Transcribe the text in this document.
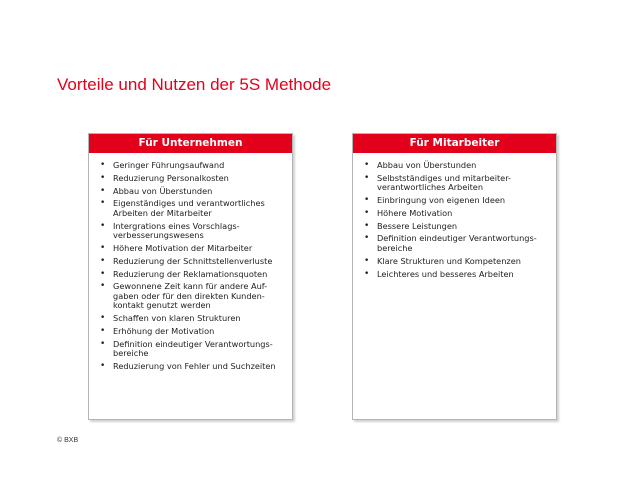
Vorteile und Nutzen der 5S Methode
Für Unternehmen
• Geringer Führungsaufwand
• Reduzierung Personalkosten
• Abbau von Überstunden
• Eigenständiges und verantwortliches Arbeiten der Mitarbeiter
• Intergrations eines Vorschlags-verbesserungswesens
• Höhere Motivation der Mitarbeiter
• Reduzierung der Schnittstellenverluste
• Reduzierung der Reklamationsquoten
• Gewonnene Zeit kann für andere Auf-gaben oder für den direkten Kunden-kontakt genutzt werden
• Schaffen von klaren Strukturen
• Erhöhung der Motivation
• Definition eindeutiger Verantwortungs-bereiche
• Reduzierung von Fehler und Suchzeiten
Für Mitarbeiter
• Abbau von Überstunden
• Selbstständiges und mitarbeiter-verantwortliches Arbeiten
• Einbringung von eigenen Ideen
• Höhere Motivation
• Bessere Leistungen
• Definition eindeutiger Verantwortungs-bereiche
• Klare Strukturen und Kompetenzen
• Leichteres und besseres Arbeiten
© BXB
